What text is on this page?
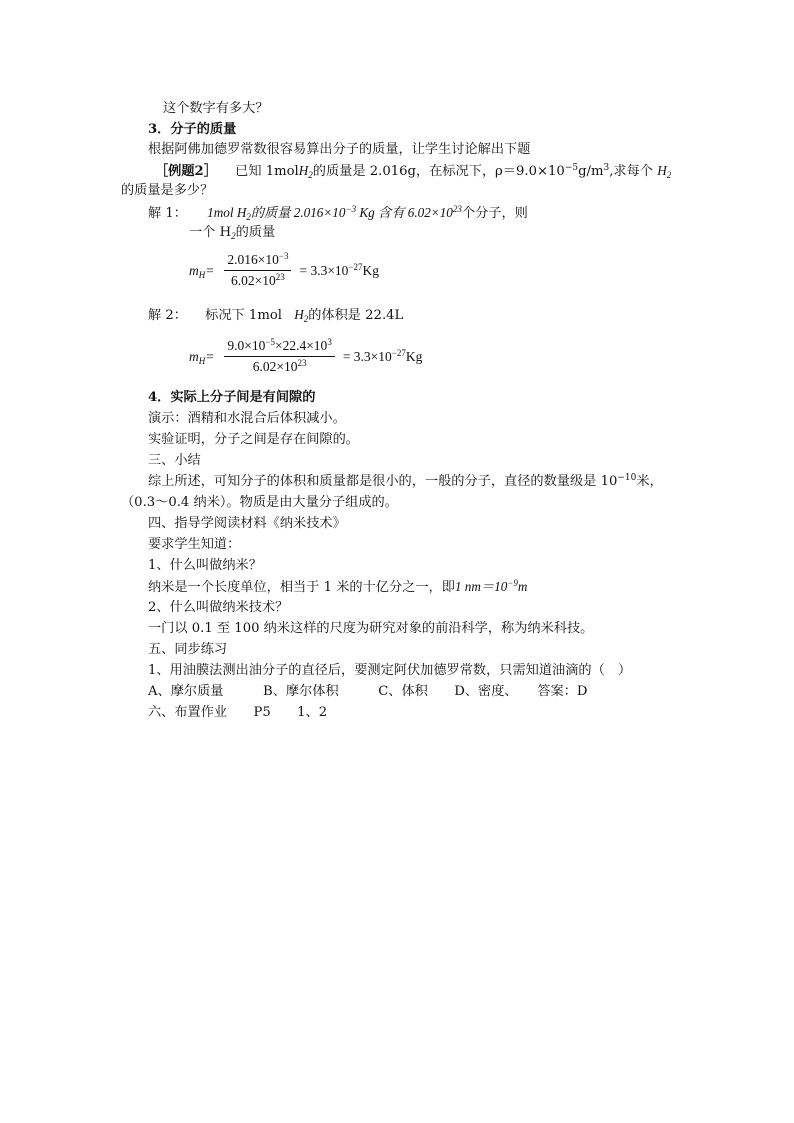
这个数字有多大？
3．分子的质量
根据阿佛加德罗常数很容易算出分子的质量，让学生讨论解出下题
［例题2］ 已知 1molH$_2$的质量是 2.016g，在标况下，$\rho=9.0\times 10^{-5}g/m^3$,求每个 $H_2$
的质量是多少？
解 1： 1mol $H_2$的质量 $2.016\times 10^{-3}$ Kg 含有 $6.02\times 10^{23}$个分子，则
一个 $H_2$的质量
$m_H= \frac{2.016\times 10^{-3}}{6.02\times 10^{23}} = 3.3\times 10^{-27}Kg$
解 2： 标况下 1mol $H_2$的体积是 22.4L
$m_H= \frac{9.0\times 10^{-5}\times 22.4\times 10^3}{6.02\times 10^{23}} = 3.3\times 10^{-27}Kg$
4．实际上分子间是有间隙的
演示：酒精和水混合后体积减小。
实验证明，分子之间是存在间隙的。
三、小结
综上所述，可知分子的体积和质量都是很小的，一般的分子，直径的数量级是 $10^{-10}$米，
（0.3～0.4 纳米）。物质是由大量分子组成的。
四、指导学阅读材料《纳米技术》
要求学生知道：
1、什么叫做纳米？
纳米是一个长度单位，相当于 1 米的十亿分之一，即1 $nm=10^{-9}m$
2、什么叫做纳米技术？
一门以 0.1 至 100 纳米这样的尺度为研究对象的前沿科学，称为纳米科技。
五、同步练习
1、用油膜法测出油分子的直径后，要测定阿伏加德罗常数，只需知道油滴的（　）
A、摩尔质量　　　B、摩尔体积　　　C、体积　　D、密度、　　答案：D
六、布置作业　　P5　　1、2
